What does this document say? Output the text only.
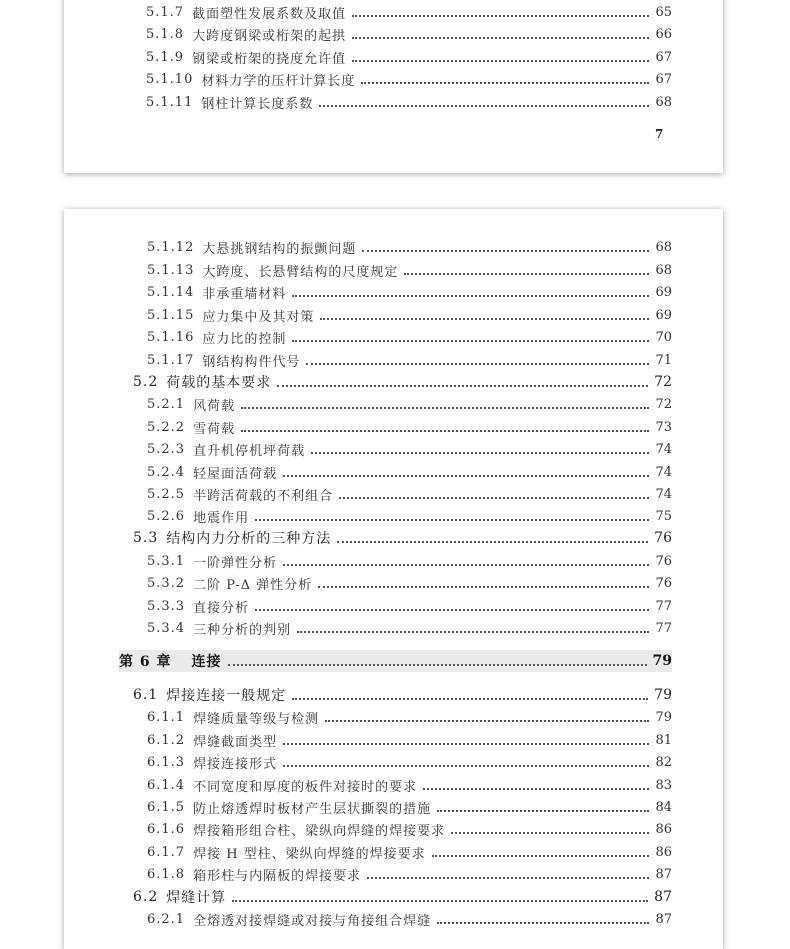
5.1.7 截面塑性发展系数及取值	65
5.1.8 大跨度钢梁或桁架的起拱	66
5.1.9 钢梁或桁架的挠度允许值	67
5.1.10 材料力学的压杆计算长度	67
5.1.11 钢柱计算长度系数	68
7
5.1.12 大悬挑钢结构的振颤问题	68
5.1.13 大跨度、长悬臂结构的尺度规定	68
5.1.14 非承重墙材料	69
5.1.15 应力集中及其对策	69
5.1.16 应力比的控制	70
5.1.17 钢结构构件代号	71
5.2 荷载的基本要求	72
5.2.1 风荷载	72
5.2.2 雪荷载	73
5.2.3 直升机停机坪荷载	74
5.2.4 轻屋面活荷载	74
5.2.5 半跨活荷载的不利组合	74
5.2.6 地震作用	75
5.3 结构内力分析的三种方法	76
5.3.1 一阶弹性分析	76
5.3.2 二阶 P-Δ 弹性分析	76
5.3.3 直接分析	77
5.3.4 三种分析的判别	77
第 6 章 连接	79
6.1 焊接连接一般规定	79
6.1.1 焊缝质量等级与检测	79
6.1.2 焊缝截面类型	81
6.1.3 焊接连接形式	82
6.1.4 不同宽度和厚度的板件对接时的要求	83
6.1.5 防止熔透焊时板材产生层状撕裂的措施	84
6.1.6 焊接箱形组合柱、梁纵向焊缝的焊接要求	86
6.1.7 焊接 H 型柱、梁纵向焊缝的焊接要求	86
6.1.8 箱形柱与内隔板的焊接要求	87
6.2 焊缝计算	87
6.2.1 全熔透对接焊缝或对接与角接组合焊缝	87
